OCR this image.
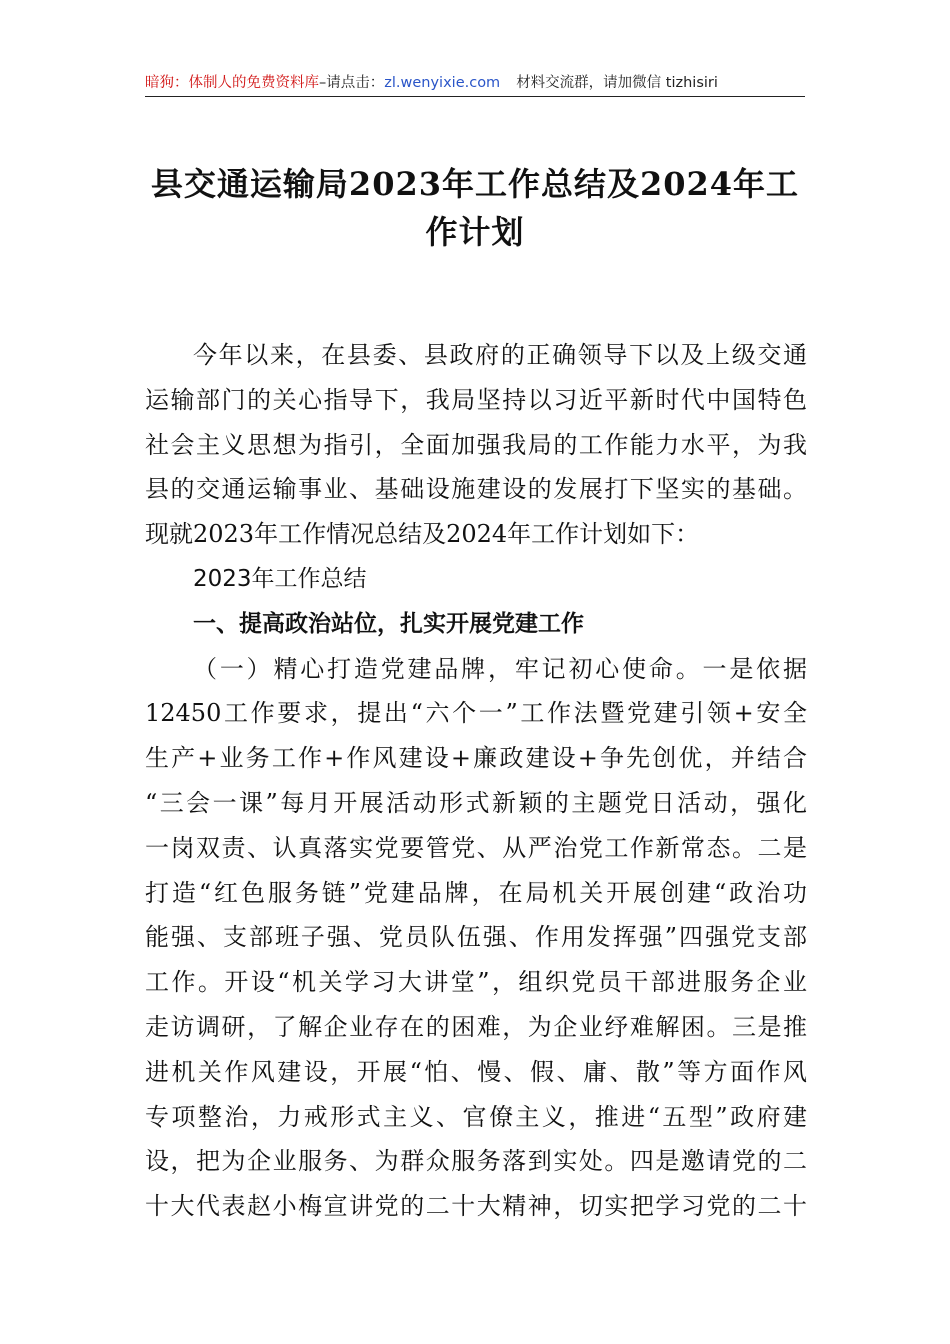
暗狗：体制人的免费资料库–请点击：zl.wenyixie.com 材料交流群，请加微信 tizhisiri
县交通运输局2023年工作总结及2024年工
作计划
今年以来，在县委、县政府的正确领导下以及上级交通
运输部门的关心指导下，我局坚持以习近平新时代中国特色
社会主义思想为指引，全面加强我局的工作能力水平，为我
县的交通运输事业、基础设施建设的发展打下坚实的基础。
现就2023年工作情况总结及2024年工作计划如下：
2023年工作总结
一、提高政治站位，扎实开展党建工作
（一）精心打造党建品牌，牢记初心使命。一是依据
12450工作要求，提出“六个一”工作法暨党建引领+安全
生产+业务工作+作风建设+廉政建设+争先创优，并结合
“三会一课”每月开展活动形式新颖的主题党日活动，强化
一岗双责、认真落实党要管党、从严治党工作新常态。二是
打造“红色服务链”党建品牌，在局机关开展创建“政治功
能强、支部班子强、党员队伍强、作用发挥强”四强党支部
工作。开设“机关学习大讲堂”，组织党员干部进服务企业
走访调研，了解企业存在的困难，为企业纾难解困。三是推
进机关作风建设，开展“怕、慢、假、庸、散”等方面作风
专项整治，力戒形式主义、官僚主义，推进“五型”政府建
设，把为企业服务、为群众服务落到实处。四是邀请党的二
十大代表赵小梅宣讲党的二十大精神，切实把学习党的二十
